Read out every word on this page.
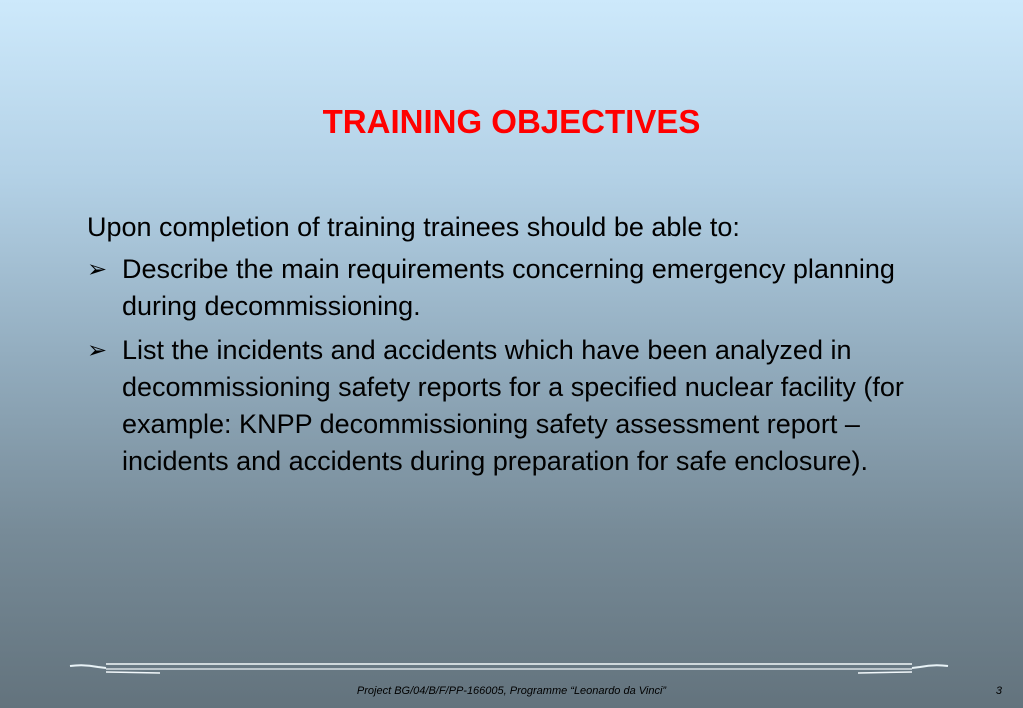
TRAINING OBJECTIVES

Upon completion of training trainees should be able to:

➢ Describe the main requirements concerning emergency planning during decommissioning.
➢ List the incidents and accidents which have been analyzed in decommissioning safety reports for a specified nuclear facility (for example: KNPP decommissioning safety assessment report – incidents and accidents during preparation for safe enclosure).
Project BG/04/B/F/PP-166005, Programme “Leonardo da Vinci”	3
